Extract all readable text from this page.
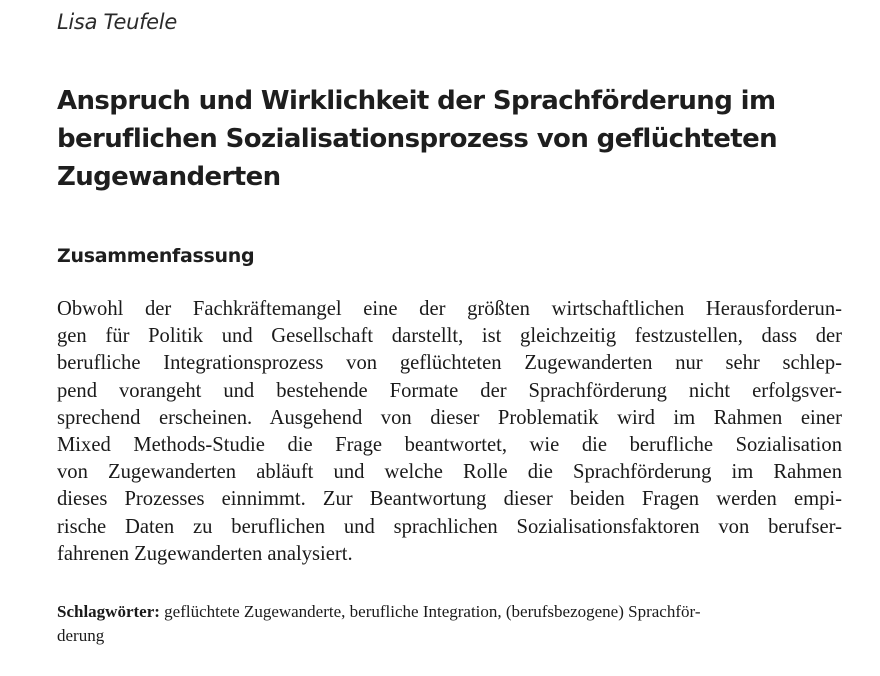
Lisa Teufele

Anspruch und Wirklichkeit der Sprachförderung im
beruflichen Sozialisationsprozess von geflüchteten
Zugewanderten
Zusammenfassung
Obwohl der Fachkräftemangel eine der größten wirtschaftlichen Herausforderun-
gen für Politik und Gesellschaft darstellt, ist gleichzeitig festzustellen, dass der
berufliche Integrationsprozess von geflüchteten Zugewanderten nur sehr schlep-
pend vorangeht und bestehende Formate der Sprachförderung nicht erfolgsver-
sprechend erscheinen. Ausgehend von dieser Problematik wird im Rahmen einer
Mixed Methods-Studie die Frage beantwortet, wie die berufliche Sozialisation
von Zugewanderten abläuft und welche Rolle die Sprachförderung im Rahmen
dieses Prozesses einnimmt. Zur Beantwortung dieser beiden Fragen werden empi-
rische Daten zu beruflichen und sprachlichen Sozialisationsfaktoren von berufser-
fahrenen Zugewanderten analysiert.
Schlagwörter: geflüchtete Zugewanderte, berufliche Integration, (berufsbezogene) Sprachför-
derung
